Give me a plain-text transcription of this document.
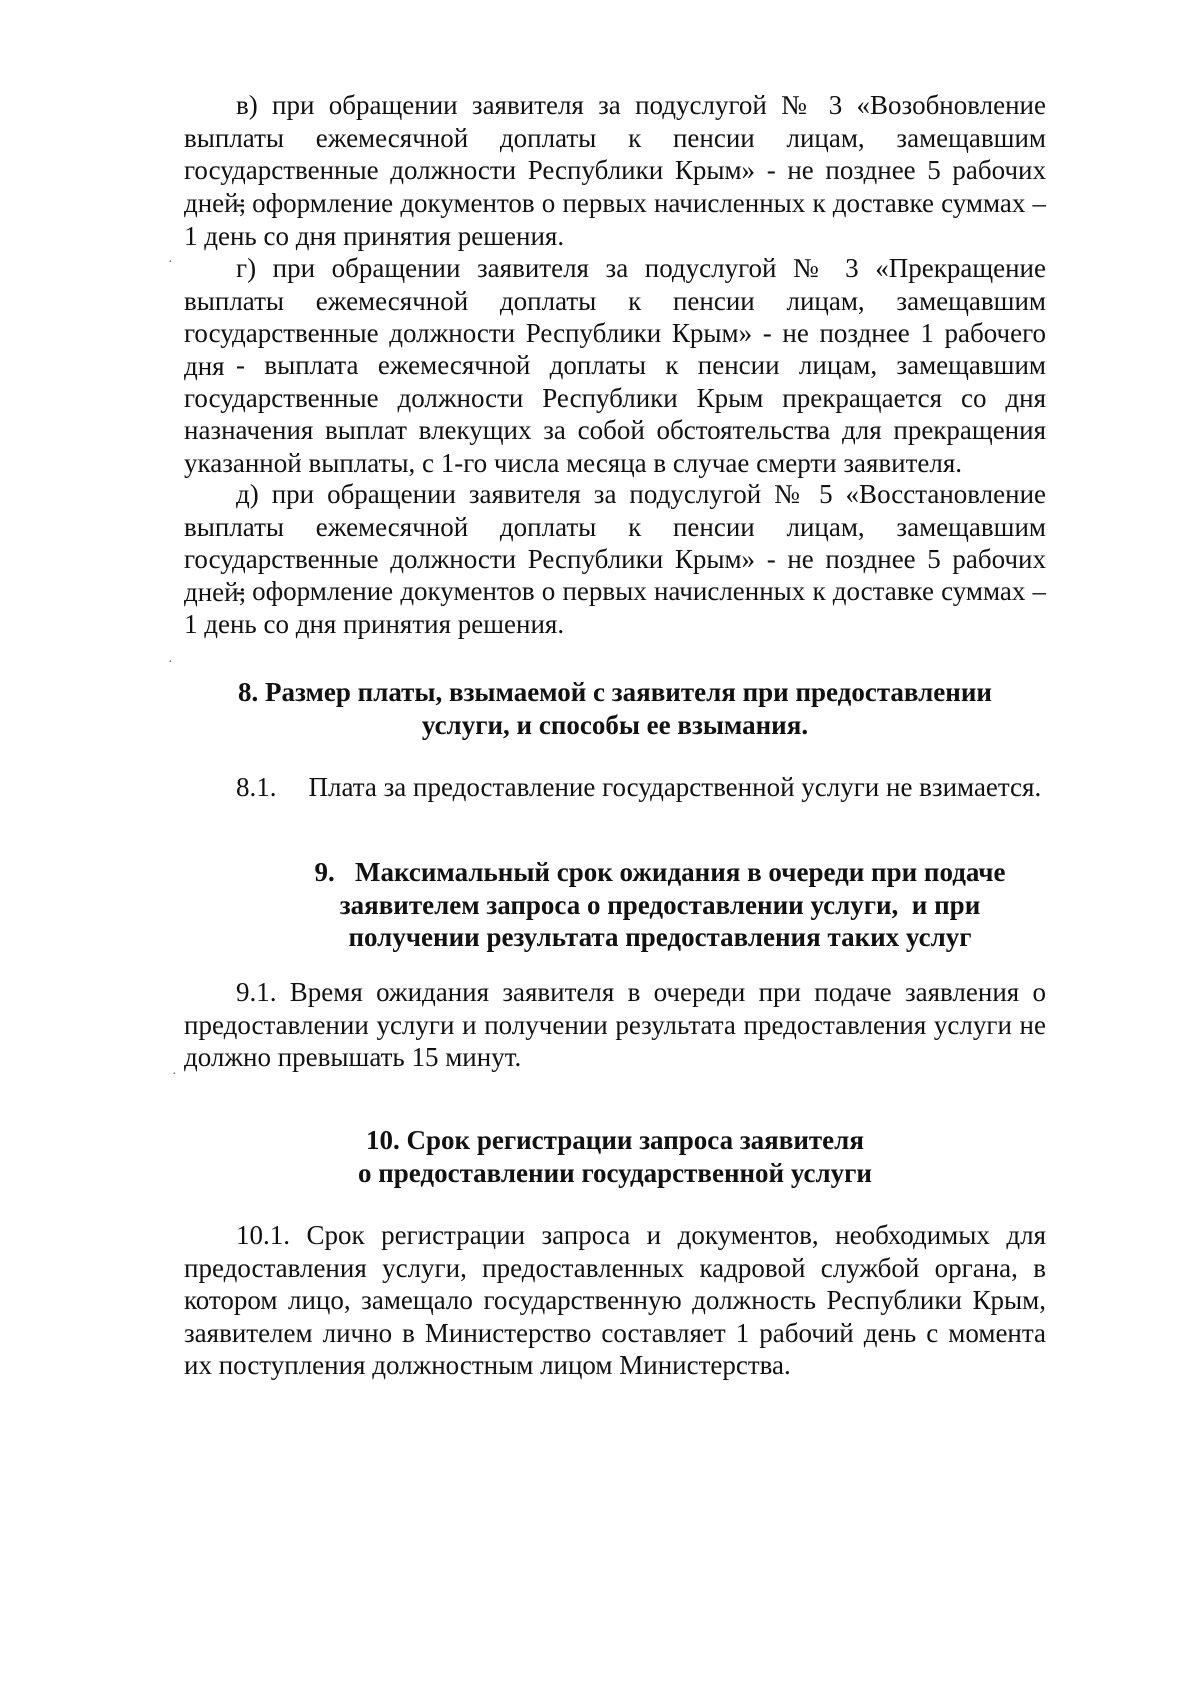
в) при обращении заявителя за подуслугой № 3 «Возобновление выплаты ежемесячной доплаты к пенсии лицам, замещавшим государственные должности Республики Крым» - не позднее 5 рабочих дней;

- оформление документов о первых начисленных к доставке суммах – 1 день со дня принятия решения.

г) при обращении заявителя за подуслугой № 3 «Прекращение выплаты ежемесячной доплаты к пенсии лицам, замещавшим государственные должности Республики Крым» - не позднее 1 рабочего дня - выплата ежемесячной доплаты к пенсии лицам, замещавшим государственные должности Республики Крым прекращается со дня назначения выплат влекущих за собой обстоятельства для прекращения указанной выплаты, с 1-го числа месяца в случае смерти заявителя.

д) при обращении заявителя за подуслугой № 5 «Восстановление выплаты ежемесячной доплаты к пенсии лицам, замещавшим государственные должности Республики Крым» - не позднее 5 рабочих дней;

- оформление документов о первых начисленных к доставке суммах – 1 день со дня принятия решения.

·
·
·
8. Размер платы, взымаемой с заявителя при предоставлении
услуги, и способы ее взымания.
8.1. Плата за предоставление государственной услуги не взимается.
9.   Максимальный срок ожидания в очереди при подаче
заявителем запроса о предоставлении услуги,  и при
получении результата предоставления таких услуг

9.1. Время ожидания заявителя в очереди при подаче заявления о предоставлении услуги и получении результата предоставления услуги не должно превышать 15 минут.

10. Срок регистрации запроса заявителя
о предоставлении государственной услуги

10.1. Срок регистрации запроса и документов, необходимых для предоставления услуги, предоставленных кадровой службой органа, в котором лицо, замещало государственную должность Республики Крым, заявителем лично в Министерство составляет 1 рабочий день с момента их поступления должностным лицом Министерства.
